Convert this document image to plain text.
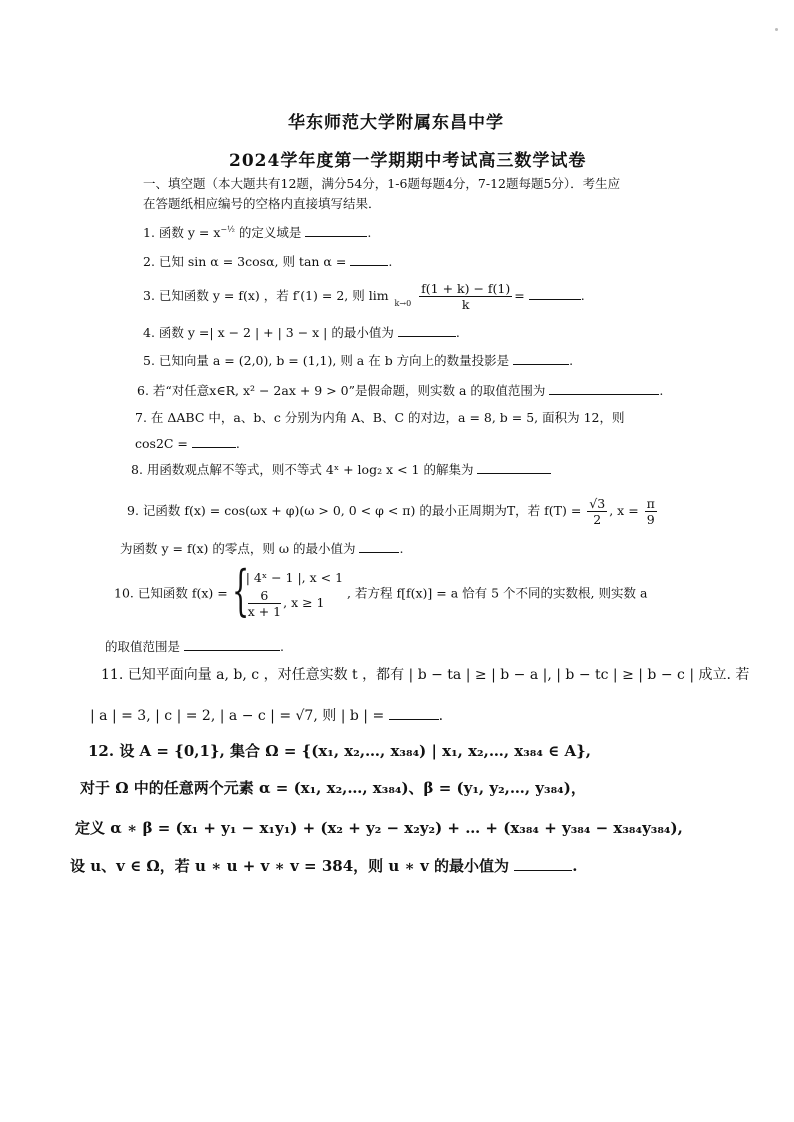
华东师范大学附属东昌中学
2024学年度第一学期期中考试高三数学试卷
一、填空题（本大题共有12题，满分54分，1-6题每题4分，7-12题每题5分）．考生应
在答题纸相应编号的空格内直接填写结果．
1. 函数 $y = x^{-\frac{1}{2}}$ 的定义域是	.
2. 已知 sin α = 3cosα, 则 tan α =	.
3. 已知函数 y = f(x) ，若 f′(1) = 2, 则 lim k→0
$\frac{f(1 + k) - f(1)}{k}$ =	.
4. 函数 y =| x − 2 | + | 3 − x | 的最小值为	.
5. 已知向量 a = (2,0), b = (1,1), 则 a 在 b 方向上的数量投影是	.
6. 若“对任意x∈R, x² − 2ax + 9 > 0”是假命题，则实数 a 的取值范围为	.
7. 在 ΔABC 中，a、b、c 分别为内角 A、B、C 的对边，a = 8, b = 5, 面积为 12，则
cos2C =	.
8. 用函数观点解不等式，则不等式 4ˣ + log₂ x < 1 的解集为
9. 记函数 f(x) = cos(ωx + φ)(ω > 0, 0 < φ < π) 的最小正周期为T，若 $f(T) = \frac{√3}{2}$ , $x = \frac{\pi}{9}$
为函数 y = f(x) 的零点，则 ω 的最小值为	.
10. 已知函数 f(x) = {
| 4ˣ − 1 |, x < 1
$\frac{6}{x + 1}$ , x ≥ 1
, 若方程 f[f(x)] = a 恰有 5 个不同的实数根, 则实数 a
的取值范围是	.
11. 已知平面向量 a, b, c ，对任意实数 t ，都有 | b − ta | ≥ | b − a |, | b − tc | ≥ | b − c | 成立. 若
| a | = 3, | c | = 2, | a − c | = √7, 则 | b | =	.
12. 设 A = {0,1}, 集合 Ω = {(x₁, x₂,…, x₃₈₄) | x₁, x₂,…, x₃₈₄ ∈ A},
对于 Ω 中的任意两个元素 α = (x₁, x₂,…, x₃₈₄)、β = (y₁, y₂,…, y₃₈₄)，
定义 α ∗ β = (x₁ + y₁ − x₁y₁) + (x₂ + y₂ − x₂y₂) + … + (x₃₈₄ + y₃₈₄ − x₃₈₄y₃₈₄),
设 u、v ∈ Ω，若 u ∗ u + v ∗ v = 384，则 u ∗ v 的最小值为	.
